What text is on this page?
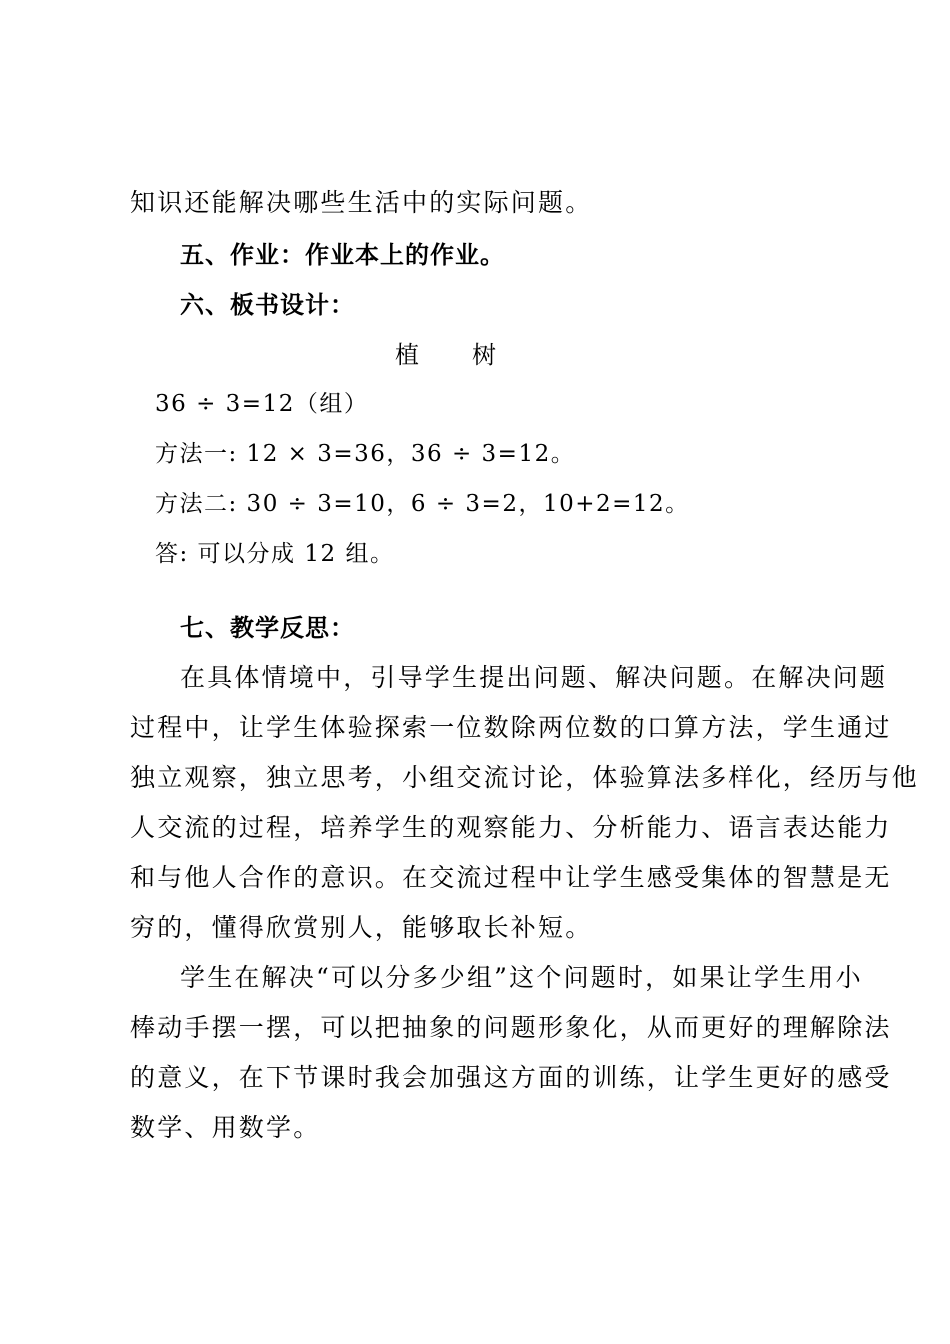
知识还能解决哪些生活中的实际问题。
五、作业：作业本上的作业。
六、板书设计：
植 树
36 ÷ 3=12（组）
方法一: 12 × 3=36，36 ÷ 3=12。
方法二: 30 ÷ 3=10，6 ÷ 3=2，10+2=12。
答: 可以分成 12 组。
七、教学反思：
在具体情境中，引导学生提出问题、解决问题。在解决问题
过程中，让学生体验探索一位数除两位数的口算方法，学生通过
独立观察，独立思考，小组交流讨论，体验算法多样化，经历与他
人交流的过程，培养学生的观察能力、分析能力、语言表达能力
和与他人合作的意识。在交流过程中让学生感受集体的智慧是无
穷的，懂得欣赏别人，能够取长补短。
学生在解决“可以分多少组”这个问题时，如果让学生用小
棒动手摆一摆，可以把抽象的问题形象化，从而更好的理解除法
的意义，在下节课时我会加强这方面的训练，让学生更好的感受
数学、用数学。
